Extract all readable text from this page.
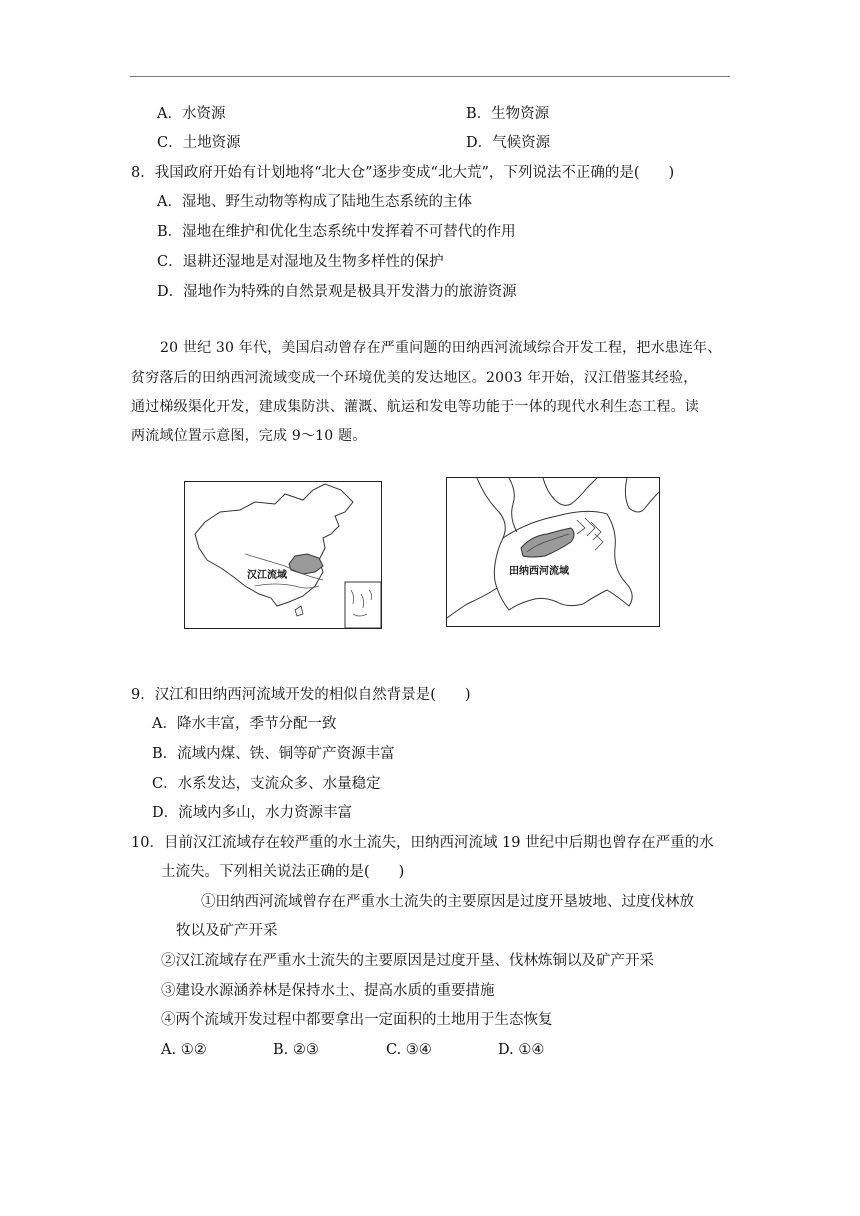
A．水资源	B．生物资源
C．土地资源	D．气候资源
8．我国政府开始有计划地将“北大仓”逐步变成“北大荒”，下列说法不正确的是(　　)
A．湿地、野生动物等构成了陆地生态系统的主体
B．湿地在维护和优化生态系统中发挥着不可替代的作用
C．退耕还湿地是对湿地及生物多样性的保护
D．湿地作为特殊的自然景观是极具开发潜力的旅游资源
20 世纪 30 年代，美国启动曾存在严重问题的田纳西河流域综合开发工程，把水患连年、
贫穷落后的田纳西河流域变成一个环境优美的发达地区。2003 年开始，汉江借鉴其经验，
通过梯级渠化开发，建成集防洪、灌溉、航运和发电等功能于一体的现代水利生态工程。读
两流域位置示意图，完成 9～10 题。
汉江流域	田纳西河流域
9．汉江和田纳西河流域开发的相似自然背景是(　　)
A．降水丰富，季节分配一致
B．流域内煤、铁、铜等矿产资源丰富
C．水系发达，支流众多、水量稳定
D．流域内多山，水力资源丰富
10．目前汉江流域存在较严重的水土流失，田纳西河流域 19 世纪中后期也曾存在严重的水
土流失。下列相关说法正确的是(　　)
①田纳西河流域曾存在严重水土流失的主要原因是过度开垦坡地、过度伐林放
牧以及矿产开采
②汉江流域存在严重水土流失的主要原因是过度开垦、伐林炼铜以及矿产开采
③建设水源涵养林是保持水土、提高水质的重要措施
④两个流域开发过程中都要拿出一定面积的土地用于生态恢复
A. ①②	B. ②③	C. ③④	D. ①④
